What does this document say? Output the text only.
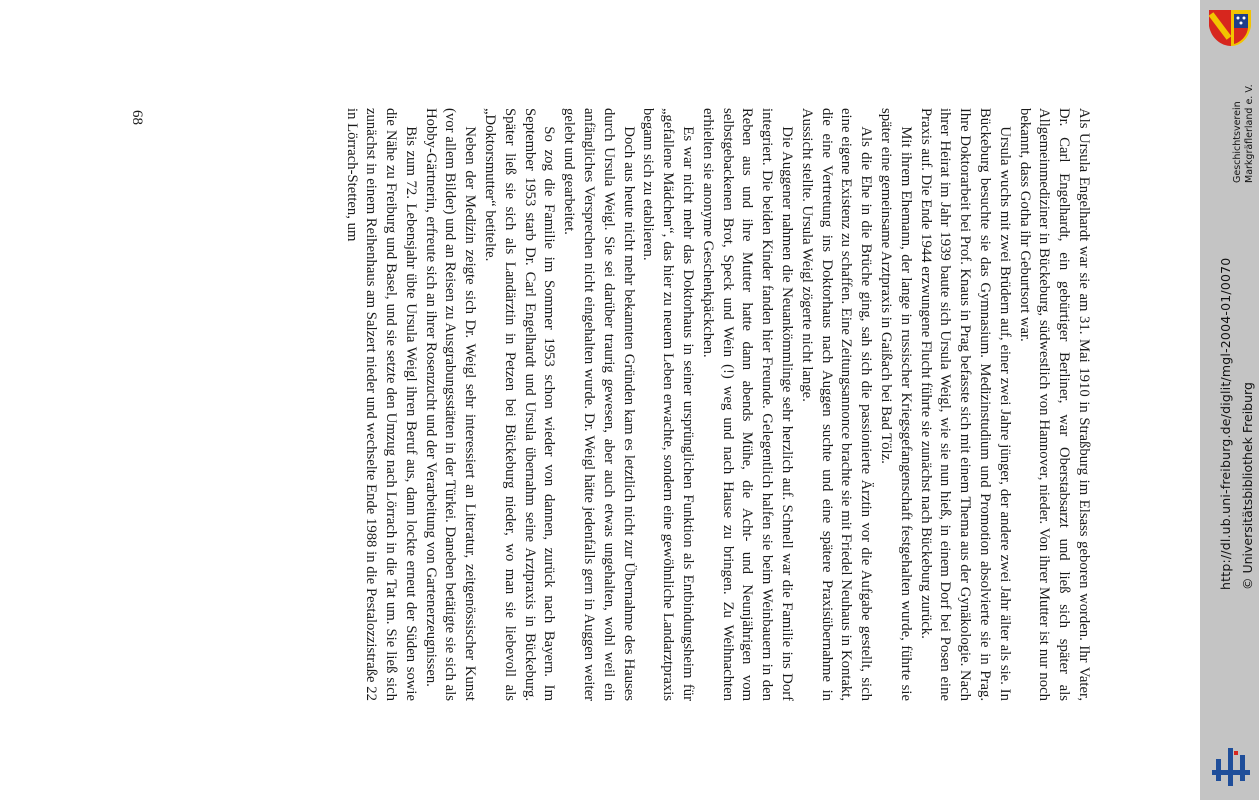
Als Ursula Engelhardt war sie am 31. Mai 1910 in Straßburg im Elsass geboren worden. Ihr Vater, Dr. Carl Engelhardt, ein gebürtiger Berliner, war Oberstabsarzt und ließ sich später als Allgemeinmediziner in Bückeburg, südwestlich von Hannover, nieder. Von ihrer Mutter ist nur noch bekannt, dass Gotha ihr Geburtsort war.

Ursula wuchs mit zwei Brüdern auf, einer zwei Jahre jünger, der andere zwei Jahr älter als sie. In Bückeburg besuchte sie das Gymnasium. Medizinstudium und Promotion absolvierte sie in Prag. Ihre Doktorarbeit bei Prof. Knaus in Prag befasste sich mit einem Thema aus der Gynäkologie. Nach ihrer Heirat im Jahr 1939 baute sich Ursula Weigl, wie sie nun hieß, in einem Dorf bei Posen eine Praxis auf. Die Ende 1944 erzwungene Flucht führte sie zunächst nach Bückeburg zurück.

Mit ihrem Ehemann, der lange in russischer Kriegsgefangenschaft festgehalten wurde, führte sie später eine gemeinsame Arztpraxis in Gaißach bei Bad Tölz.

Als die Ehe in die Brüche ging, sah sich die passionierte Ärztin vor die Aufgabe gestellt, sich eine eigene Existenz zu schaffen. Eine Zeitungsannonce brachte sie mit Friedel Neuhaus in Kontakt, die eine Vertretung ins Doktorhaus nach Auggen suchte und eine spätere Praxisübernahme in Aussicht stellte. Ursula Weigl zögerte nicht lange.

Die Auggener nahmen die Neuankömmlinge sehr herzlich auf. Schnell war die Familie ins Dorf integriert. Die beiden Kinder fanden hier Freunde. Gelegentlich halfen sie beim Weinbauern in den Reben aus und ihre Mutter hatte dann abends Mühe, die Acht- und Neunjährigen vom selbstgebackenen Brot, Speck und Wein (!) weg und nach Hause zu bringen. Zu Weihnachten erhielten sie anonyme Geschenkpäckchen.

Es war nicht mehr das Doktorhaus in seiner ursprünglichen Funktion als Entbindungsheim für „gefallene Mädchen“, das hier zu neuem Leben erwachte, sondern eine gewöhnliche Landarztpraxis begann sich zu etablieren.

Doch aus heute nicht mehr bekannten Gründen kam es letztlich nicht zur Übernahme des Hauses durch Ursula Weigl. Sie sei darüber traurig gewesen, aber auch etwas ungehalten, wohl weil ein anfängliches Versprechen nicht eingehalten wurde. Dr. Weigl hätte jedenfalls gern in Auggen weiter gelebt und gearbeitet.

So zog die Familie im Sommer 1953 schon wieder von dannen, zurück nach Bayern. Im September 1953 starb Dr. Carl Engelhardt und Ursula übernahm seine Arztpraxis in Bückeburg. Später ließ sie sich als Landärztin in Petzen bei Bückeburg nieder, wo man sie liebevoll als „Doktorsmutter“ betitelte.

Neben der Medizin zeigte sich Dr. Weigl sehr interessiert an Literatur, zeitgenössischer Kunst (vor allem Bilder) und an Reisen zu Ausgrabungsstätten in der Türkei. Daneben betätigte sie sich als Hobby-Gärtnerin, erfreute sich an ihrer Rosenzucht und der Verarbeitung von Gartenerzeugnissen.

Bis zum 72. Lebensjahr übte Ursula Weigl ihren Beruf aus, dann lockte erneut der Süden sowie die Nähe zu Freiburg und Basel, und sie setzte den Umzug nach Lörrach in die Tat um. Sie ließ sich zunächst in einem Reihenhaus am Salzert nieder und wechselte Ende 1988 in die Pestalozzistraße 22 in Lörrach-Stetten, um

68	Geschichtsverein Markgräflerland e. V.
http://dl.ub.uni-freiburg.de/diglit/mgl-2004-01/0070 © Universitätsbibliothek Freiburg
